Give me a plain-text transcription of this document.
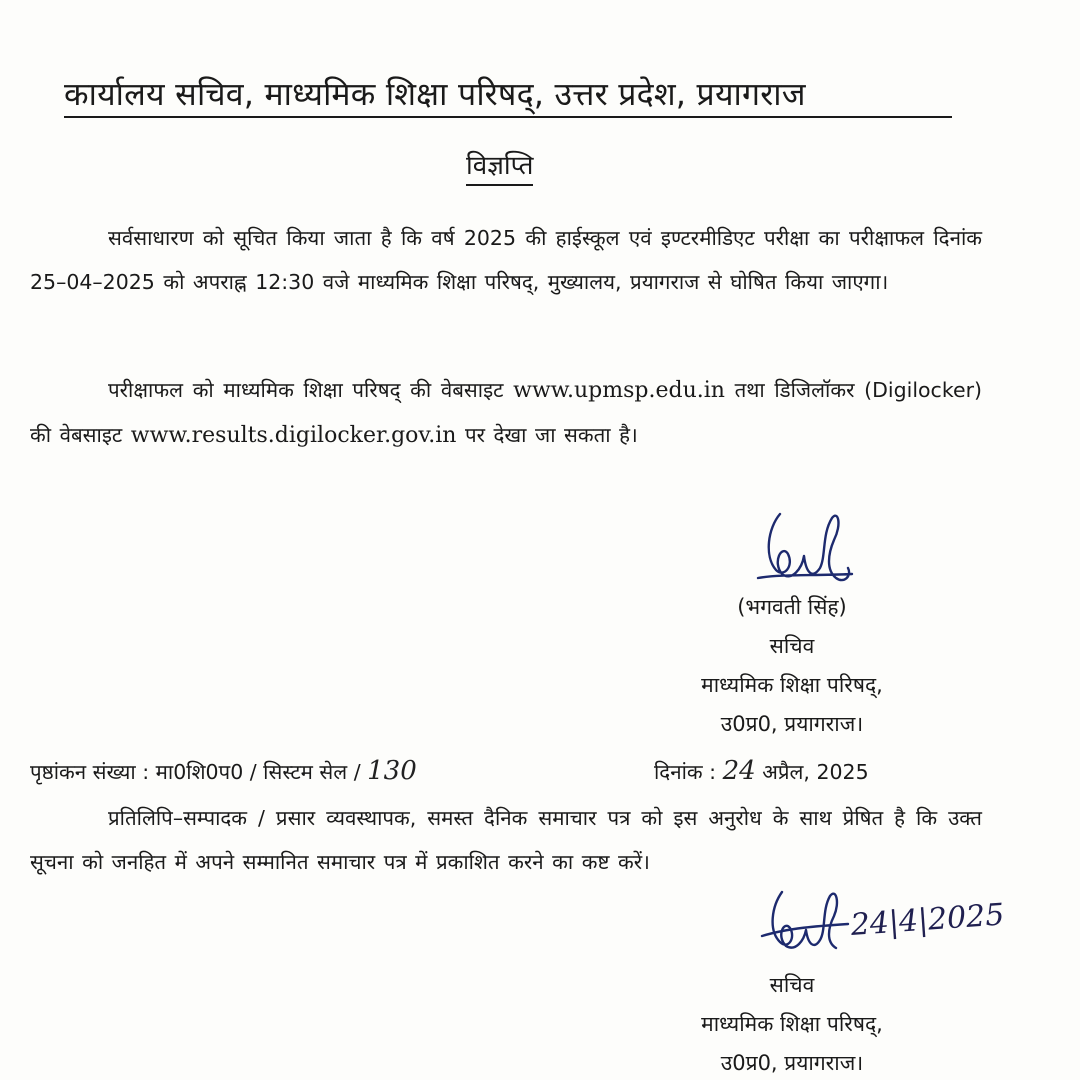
कार्यालय सचिव, माध्यमिक शिक्षा परिषद्, उत्तर प्रदेश, प्रयागराज
विज्ञप्ति
सर्वसाधारण को सूचित किया जाता है कि वर्ष 2025 की हाईस्कूल एवं इण्टरमीडिएट परीक्षा का परीक्षाफल दिनांक 25–04–2025 को अपराह्न 12:30 वजे माध्यमिक शिक्षा परिषद्, मुख्यालय, प्रयागराज से घोषित किया जाएगा।
परीक्षाफल को माध्यमिक शिक्षा परिषद् की वेबसाइट www.upmsp.edu.in तथा डिजिलॉकर (Digilocker) की वेबसाइट www.results.digilocker.gov.in पर देखा जा सकता है।
(भगवती सिंह)
सचिव
माध्यमिक शिक्षा परिषद्,
उ0प्र0, प्रयागराज।
पृष्ठांकन संख्या : मा0शि0प0 / सिस्टम सेल / 130	दिनांक : 24 अप्रैल, 2025
प्रतिलिपि–सम्पादक / प्रसार व्यवस्थापक, समस्त दैनिक समाचार पत्र को इस अनुरोध के साथ प्रेषित है कि उक्त सूचना को जनहित में अपने सम्मानित समाचार पत्र में प्रकाशित करने का कष्ट करें।
24|4|2025
सचिव
माध्यमिक शिक्षा परिषद्,
उ0प्र0, प्रयागराज।
